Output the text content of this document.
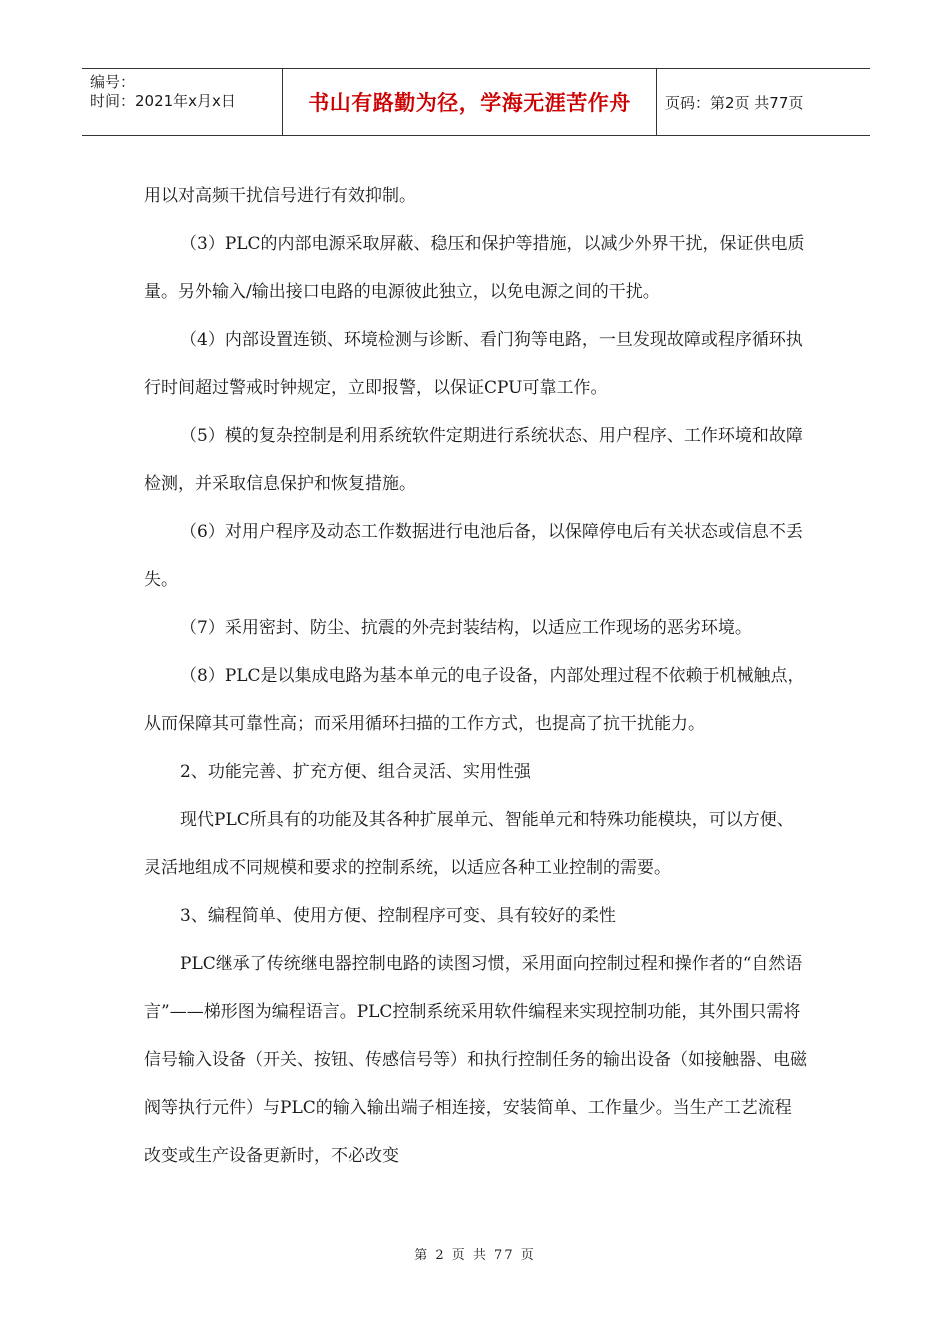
编号：
时间：2021年x月x日	书山有路勤为径，学海无涯苦作舟	页码：第2页 共77页

用以对高频干扰信号进行有效抑制。

（3）PLC的内部电源采取屏蔽、稳压和保护等措施，以减少外界干扰，保证供电质量。另外输入/输出接口电路的电源彼此独立，以免电源之间的干扰。

（4）内部设置连锁、环境检测与诊断、看门狗等电路，一旦发现故障或程序循环执行时间超过警戒时钟规定，立即报警，以保证CPU可靠工作。

（5）模的复杂控制是利用系统软件定期进行系统状态、用户程序、工作环境和故障检测，并采取信息保护和恢复措施。

（6）对用户程序及动态工作数据进行电池后备，以保障停电后有关状态或信息不丢失。

（7）采用密封、防尘、抗震的外壳封装结构，以适应工作现场的恶劣环境。

（8）PLC是以集成电路为基本单元的电子设备，内部处理过程不依赖于机械触点，从而保障其可靠性高；而采用循环扫描的工作方式，也提高了抗干扰能力。

2、功能完善、扩充方便、组合灵活、实用性强

现代PLC所具有的功能及其各种扩展单元、智能单元和特殊功能模块，可以方便、灵活地组成不同规模和要求的控制系统，以适应各种工业控制的需要。

3、编程简单、使用方便、控制程序可变、具有较好的柔性

PLC继承了传统继电器控制电路的读图习惯，采用面向控制过程和操作者的“自然语言”——梯形图为编程语言。PLC控制系统采用软件编程来实现控制功能，其外围只需将信号输入设备（开关、按钮、传感信号等）和执行控制任务的输出设备（如接触器、电磁阀等执行元件）与PLC的输入输出端子相连接，安装简单、工作量少。当生产工艺流程改变或生产设备更新时，不必改变

第 2 页 共 77 页
